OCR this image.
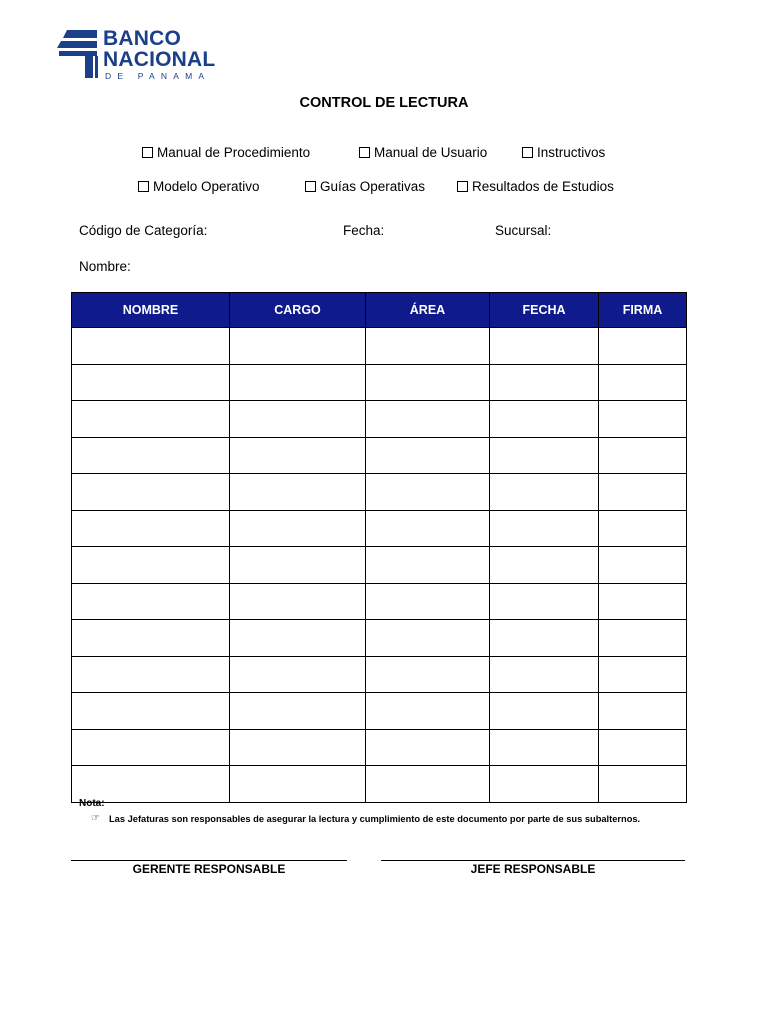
BANCO
NACIONAL
DE PANAMA
CONTROL DE LECTURA
Manual de Procedimiento	Manual de Usuario	Instructivos
Modelo Operativo	Guías Operativas	Resultados de Estudios
Código de Categoría:	Fecha:	Sucursal:
Nombre:
NOMBRE	CARGO	ÁREA	FECHA	FIRMA

Nota:
☞ Las Jefaturas son responsables de asegurar la lectura y cumplimiento de este documento por parte de sus subalternos.
GERENTE RESPONSABLE	JEFE RESPONSABLE
